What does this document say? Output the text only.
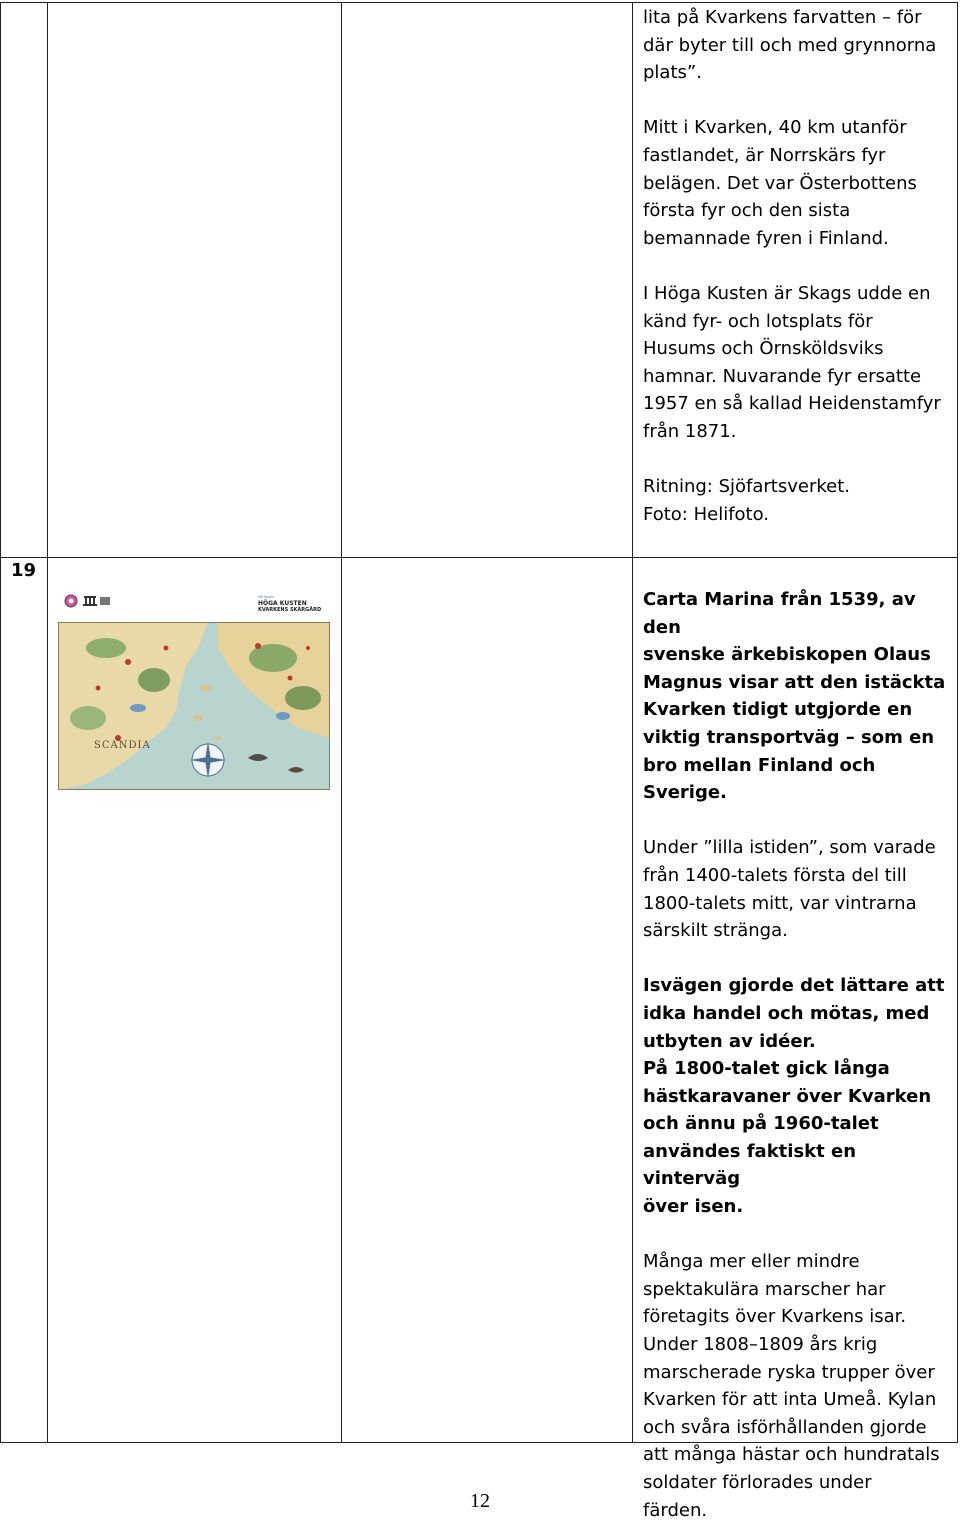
lita på Kvarkens farvatten – för
där byter till och med grynnorna
plats”.

Mitt i Kvarken, 40 km utanför
fastlandet, är Norrskärs fyr
belägen. Det var Österbottens
första fyr och den sista
bemannade fyren i Finland.

I Höga Kusten är Skags udde en
känd fyr- och lotsplats för
Husums och Örnsköldsviks
hamnar. Nuvarande fyr ersatte
1957 en så kallad Heidenstamfyr
från 1871.

Ritning: Sjöfartsverket.
Foto: Helifoto.

19
Världsarv
HÖGA KUSTEN
KVARKENS SKÄRGÅRD
SCANDIA

Carta Marina från 1539, av den
svenske ärkebiskopen Olaus
Magnus visar att den istäckta
Kvarken tidigt utgjorde en
viktig transportväg – som en
bro mellan Finland och Sverige.

Under ”lilla istiden”, som varade
från 1400-talets första del till
1800-talets mitt, var vintrarna
särskilt stränga.

Isvägen gjorde det lättare att
idka handel och mötas, med
utbyten av idéer.
På 1800-talet gick långa
hästkaravaner över Kvarken
och ännu på 1960-talet
användes faktiskt en vinterväg
över isen.

Många mer eller mindre
spektakulära marscher har
företagits över Kvarkens isar.
Under 1808–1809 års krig
marscherade ryska trupper över
Kvarken för att inta Umeå. Kylan
och svåra isförhållanden gjorde
att många hästar och hundratals
soldater förlorades under
färden.

12
